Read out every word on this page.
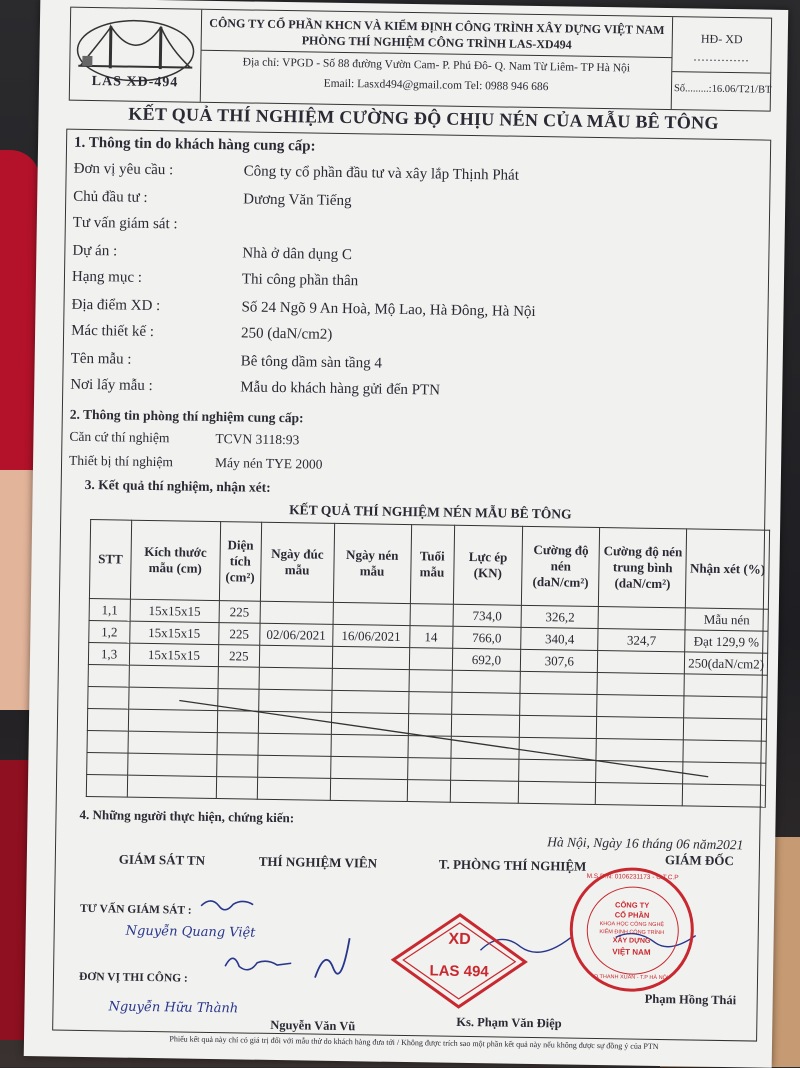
LAS XD-494
CÔNG TY CỔ PHẦN KHCN VÀ KIỂM ĐỊNH CÔNG TRÌNH XÂY DỰNG VIỆT NAM
PHÒNG THÍ NGHIỆM CÔNG TRÌNH LAS-XD494
Địa chỉ: VPGD - Số 88 đường Vườn Cam- P. Phú Đô- Q. Nam Từ Liêm- TP Hà Nội
Email: Lasxd494@gmail.com Tel: 0988 946 686
HĐ- XD
..............
Số.........:16.06/T21/BT
KẾT QUẢ THÍ NGHIỆM CƯỜNG ĐỘ CHỊU NÉN CỦA MẪU BÊ TÔNG
1. Thông tin do khách hàng cung cấp:
Đơn vị yêu cầu :	Công ty cổ phần đầu tư và xây lắp Thịnh Phát
Chủ đầu tư :	Dương Văn Tiếng
Tư vấn giám sát :
Dự án :	Nhà ở dân dụng C
Hạng mục :	Thi công phần thân
Địa điểm XD :	Số 24 Ngõ 9 An Hoà, Mộ Lao, Hà Đông, Hà Nội
Mác thiết kế :	250 (daN/cm2)
Tên mẫu :	Bê tông dầm sàn tầng 4
Nơi lấy mẫu :	Mẫu do khách hàng gửi đến PTN
2. Thông tin phòng thí nghiệm cung cấp:
Căn cứ thí nghiệm	TCVN 3118:93
Thiết bị thí nghiệm	Máy nén TYE 2000
3. Kết quả thí nghiệm, nhận xét:
KẾT QUẢ THÍ NGHIỆM NÉN MẪU BÊ TÔNG
STT	Kích thước mẫu (cm)	Diện tích (cm²)	Ngày đúc mẫu	Ngày nén mẫu	Tuổi mẫu	Lực ép (KN)	Cường độ nén (daN/cm²)	Cường độ nén trung bình (daN/cm²)	Nhận xét (%)
1,1	15x15x15	225				734,0	326,2		Mẫu nén
1,2	15x15x15	225	02/06/2021	16/06/2021	14	766,0	340,4	324,7	Đạt 129,9 %
1,3	15x15x15	225				692,0	307,6		250(daN/cm2)

4. Những người thực hiện, chứng kiến:
Hà Nội, Ngày 16 tháng 06 năm2021
GIÁM SÁT TN	THÍ NGHIỆM VIÊN	T. PHÒNG THÍ NGHIỆM	GIÁM ĐỐC
TƯ VẤN GIÁM SÁT :
ĐƠN VỊ THI CÔNG :
Nguyễn Quang Việt
Nguyễn Hữu Thành
XD
LAS 494
M.S.D.N: 0106231173 - C.T.C.P
CÔNG TY
CỔ PHẦN
KHOA HỌC CÔNG NGHỆ
KIỂM ĐỊNH CÔNG TRÌNH
XÂY DỰNG
VIỆT NAM
Q.THANH XUÂN - T.P HÀ NỘI
Nguyễn Văn Vũ	Ks. Phạm Văn Điệp
Phạm Hồng Thái
Phiếu kết quả này chỉ có giá trị đối với mẫu thử do khách hàng đưa tới / Không được trích sao một phần kết quả này nếu không được sự đồng ý của PTN
